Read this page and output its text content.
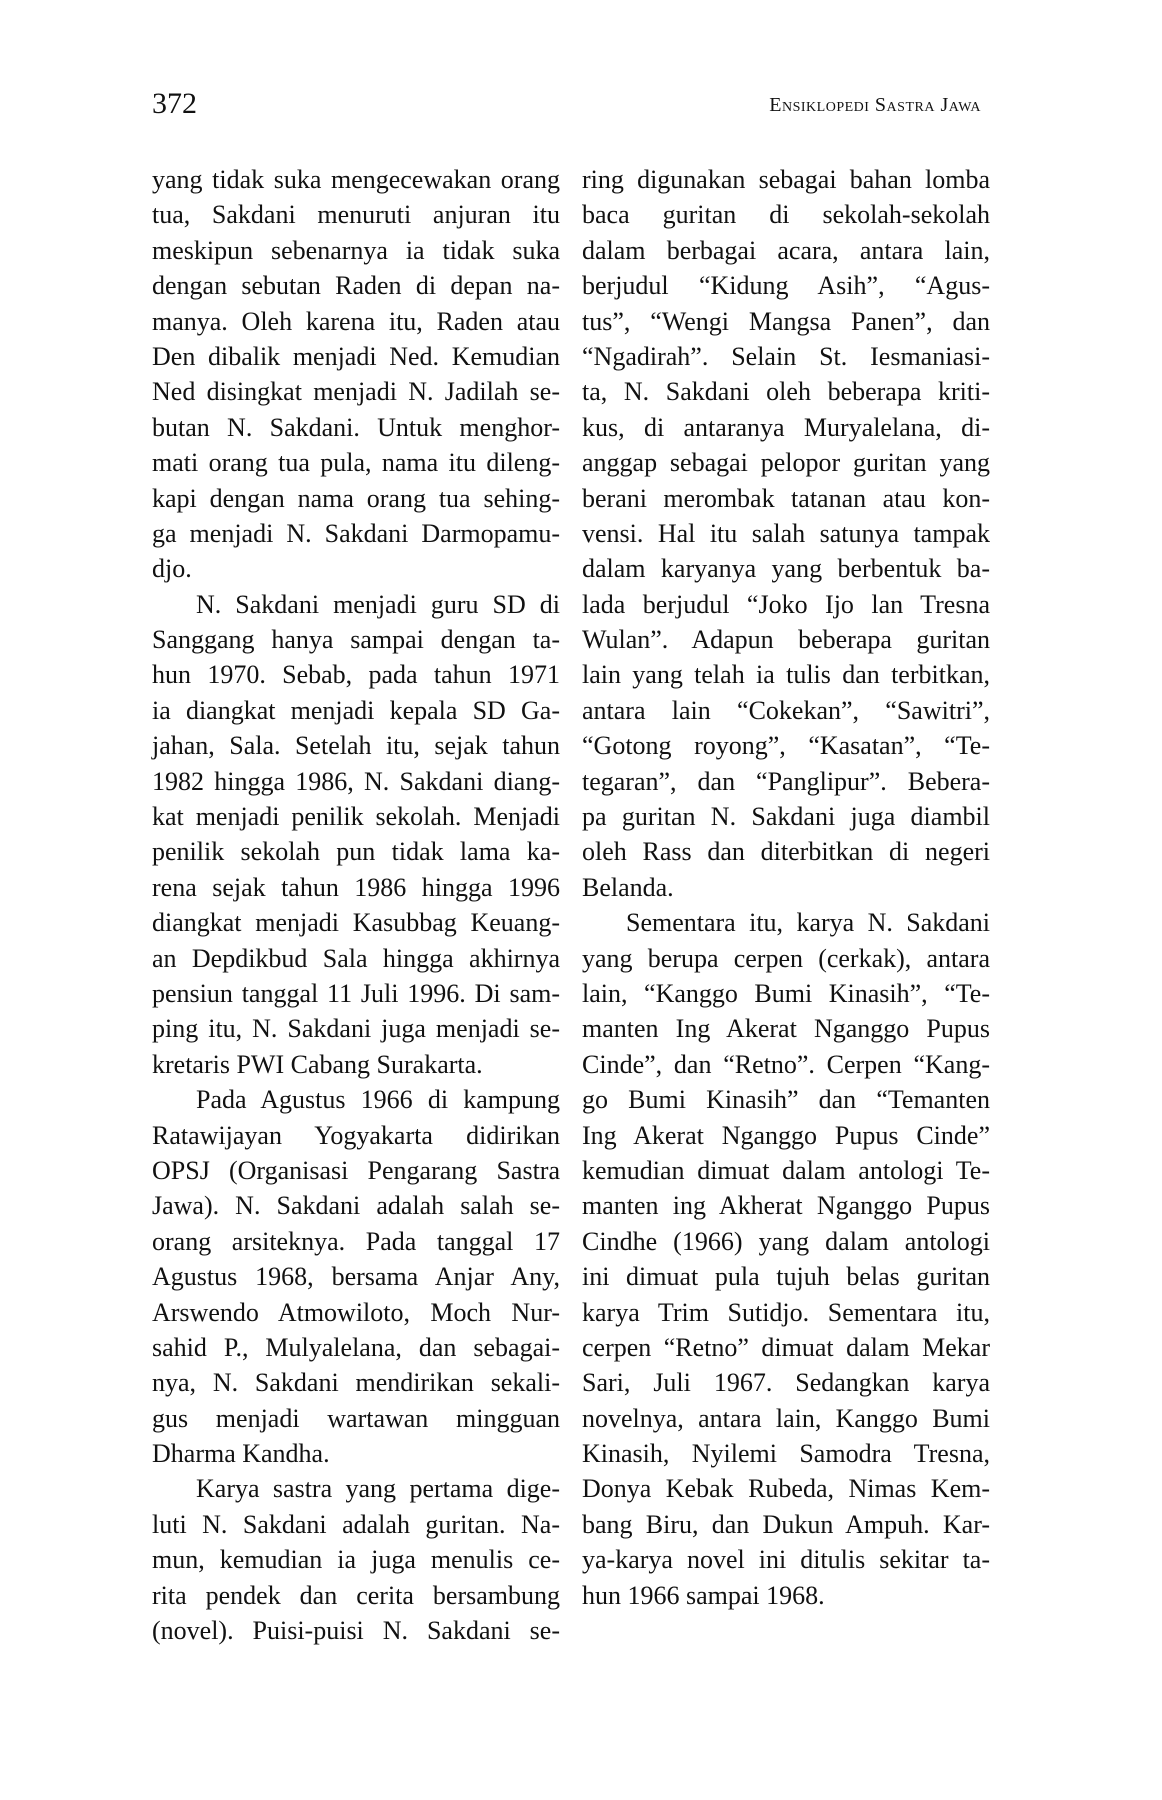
372	Ensiklopedi Sastra Jawa
yang tidak suka mengecewakan orang
tua, Sakdani menuruti anjuran itu
meskipun sebenarnya ia tidak suka
dengan sebutan Raden di depan na-
manya. Oleh karena itu, Raden atau
Den dibalik menjadi Ned. Kemudian
Ned disingkat menjadi N. Jadilah se-
butan N. Sakdani. Untuk menghor-
mati orang tua pula, nama itu dileng-
kapi dengan nama orang tua sehing-
ga menjadi N. Sakdani Darmopamu-
djo.
N. Sakdani menjadi guru SD di
Sanggang hanya sampai dengan ta-
hun 1970. Sebab, pada tahun 1971
ia diangkat menjadi kepala SD Ga-
jahan, Sala. Setelah itu, sejak tahun
1982 hingga 1986, N. Sakdani diang-
kat menjadi penilik sekolah. Menjadi
penilik sekolah pun tidak lama ka-
rena sejak tahun 1986 hingga 1996
diangkat menjadi Kasubbag Keuang-
an Depdikbud Sala hingga akhirnya
pensiun tanggal 11 Juli 1996. Di sam-
ping itu, N. Sakdani juga menjadi se-
kretaris PWI Cabang Surakarta.
Pada Agustus 1966 di kampung
Ratawijayan Yogyakarta didirikan
OPSJ (Organisasi Pengarang Sastra
Jawa). N. Sakdani adalah salah se-
orang arsiteknya. Pada tanggal 17
Agustus 1968, bersama Anjar Any,
Arswendo Atmowiloto, Moch Nur-
sahid P., Mulyalelana, dan sebagai-
nya, N. Sakdani mendirikan sekali-
gus menjadi wartawan mingguan
Dharma Kandha.
Karya sastra yang pertama dige-
luti N. Sakdani adalah guritan. Na-
mun, kemudian ia juga menulis ce-
rita pendek dan cerita bersambung
(novel). Puisi-puisi N. Sakdani se-
ring digunakan sebagai bahan lomba
baca guritan di sekolah-sekolah
dalam berbagai acara, antara lain,
berjudul “Kidung Asih”, “Agus-
tus”, “Wengi Mangsa Panen”, dan
“Ngadirah”. Selain St. Iesmaniasi-
ta, N. Sakdani oleh beberapa kriti-
kus, di antaranya Muryalelana, di-
anggap sebagai pelopor guritan yang
berani merombak tatanan atau kon-
vensi. Hal itu salah satunya tampak
dalam karyanya yang berbentuk ba-
lada berjudul “Joko Ijo lan Tresna
Wulan”. Adapun beberapa guritan
lain yang telah ia tulis dan terbitkan,
antara lain “Cokekan”, “Sawitri”,
“Gotong royong”, “Kasatan”, “Te-
tegaran”, dan “Panglipur”. Bebera-
pa guritan N. Sakdani juga diambil
oleh Rass dan diterbitkan di negeri
Belanda.
Sementara itu, karya N. Sakdani
yang berupa cerpen (cerkak), antara
lain, “Kanggo Bumi Kinasih”, “Te-
manten Ing Akerat Nganggo Pupus
Cinde”, dan “Retno”. Cerpen “Kang-
go Bumi Kinasih” dan “Temanten
Ing Akerat Nganggo Pupus Cinde”
kemudian dimuat dalam antologi Te-
manten ing Akherat Nganggo Pupus
Cindhe (1966) yang dalam antologi
ini dimuat pula tujuh belas guritan
karya Trim Sutidjo. Sementara itu,
cerpen “Retno” dimuat dalam Mekar
Sari, Juli 1967. Sedangkan karya
novelnya, antara lain, Kanggo Bumi
Kinasih, Nyilemi Samodra Tresna,
Donya Kebak Rubeda, Nimas Kem-
bang Biru, dan Dukun Ampuh. Kar-
ya-karya novel ini ditulis sekitar ta-
hun 1966 sampai 1968.
